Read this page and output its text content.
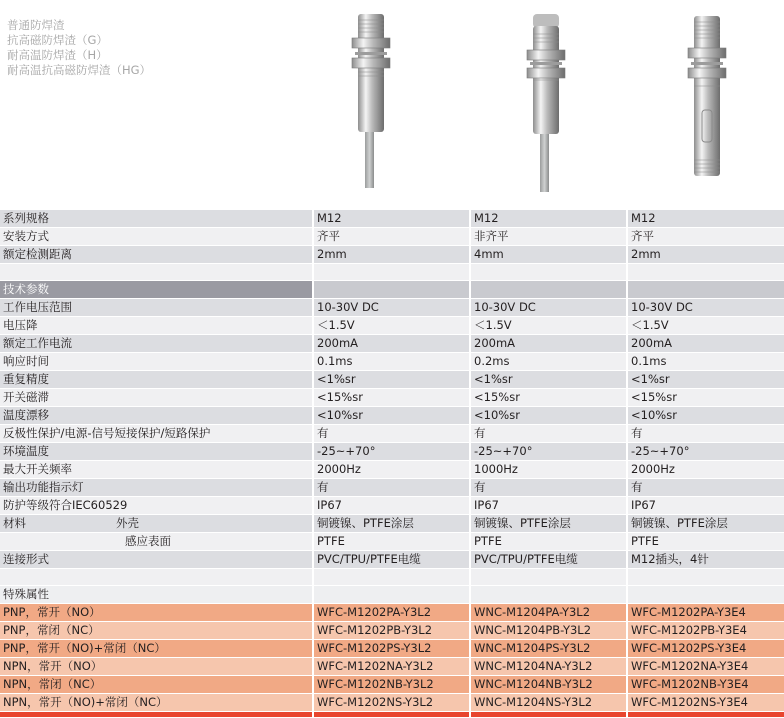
普通防焊渣
抗高磁防焊渣（G）
耐高温防焊渣（H）
耐高温抗高磁防焊渣（HG）
系列规格	M12	M12	M12
安装方式	齐平	非齐平	齐平
额定检测距离	2mm	4mm	2mm

技术参数			
工作电压范围	10-30V DC	10-30V DC	10-30V DC
电压降	＜1.5V	＜1.5V	＜1.5V
额定工作电流	200mA	200mA	200mA
响应时间	0.1ms	0.2ms	0.1ms
重复精度	<1%sr	<1%sr	<1%sr
开关磁滞	<15%sr	<15%sr	<15%sr
温度漂移	<10%sr	<10%sr	<10%sr
反极性保护/电源-信号短接保护/短路保护	有	有	有
环境温度	-25~+70°	-25~+70°	-25~+70°
最大开关频率	2000Hz	1000Hz	2000Hz
输出功能指示灯	有	有	有
防护等级符合IEC60529	IP67	IP67	IP67
材料 外壳	铜镀镍、PTFE涂层	铜镀镍、PTFE涂层	铜镀镍、PTFE涂层
感应表面	PTFE	PTFE	PTFE
连接形式	PVC/TPU/PTFE电缆	PVC/TPU/PTFE电缆	M12插头，4针

特殊属性			
PNP，常开（NO）	WFC-M1202PA-Y3L2	WNC-M1204PA-Y3L2	WFC-M1202PA-Y3E4
PNP，常闭（NC）	WFC-M1202PB-Y3L2	WNC-M1204PB-Y3L2	WFC-M1202PB-Y3E4
PNP，常开（NO)+常闭（NC）	WFC-M1202PS-Y3L2	WNC-M1204PS-Y3L2	WFC-M1202PS-Y3E4
NPN，常开（NO）	WFC-M1202NA-Y3L2	WNC-M1204NA-Y3L2	WFC-M1202NA-Y3E4
NPN，常闭（NC）	WFC-M1202NB-Y3L2	WNC-M1204NB-Y3L2	WFC-M1202NB-Y3E4
NPN，常开（NO)+常闭（NC）	WFC-M1202NS-Y3L2	WNC-M1204NS-Y3L2	WFC-M1202NS-Y3E4
